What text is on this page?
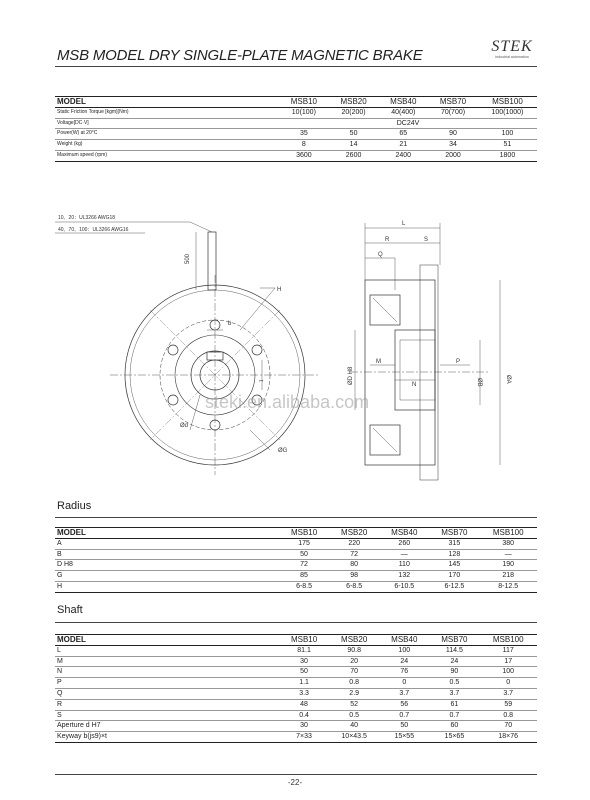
MSB MODEL DRY SINGLE-PLATE MAGNETIC BRAKE
STEK
Industrial automation
MODEL	MSB10	MSB20	MSB40	MSB70	MSB100
Static Friction Torque [kgm](Nm)	10(100)	20(200)	40(400)	70(700)	100(1000)
Voltage[DC·V]	DC24V				
Power(W) at 20°C	35	50	65	90	100
Weight (kg)	8	14	21	34	51
Maximum speed (rpm)	3600	2600	2400	2000	1800
10、20：UL3266 AWG18
40、70、100：UL3266 AWG16
500
H
b
t
Ød
ØG
L
R	S
Q
M
N
P
ØD H8	ØB	ØA
steki.en.alibaba.com
Radius
MODEL	MSB10	MSB20	MSB40	MSB70	MSB100
A	175	220	260	315	380
B	50	72	—	128	—
D H8	72	80	110	145	190
G	85	98	132	170	218
H	6-8.5	6-8.5	6-10.5	6-12.5	8-12.5
Shaft
MODEL	MSB10	MSB20	MSB40	MSB70	MSB100
L	81.1	90.8	100	114.5	117
M	30	20	24	24	17
N	50	70	76	90	100
P	1.1	0.8	0	0.5	0
Q	3.3	2.9	3.7	3.7	3.7
R	48	52	56	61	59
S	0.4	0.5	0.7	0.7	0.8
Aperture d H7	30	40	50	60	70
Keyway b(js9)×t	7×33	10×43.5	15×55	15×65	18×76
-22-
